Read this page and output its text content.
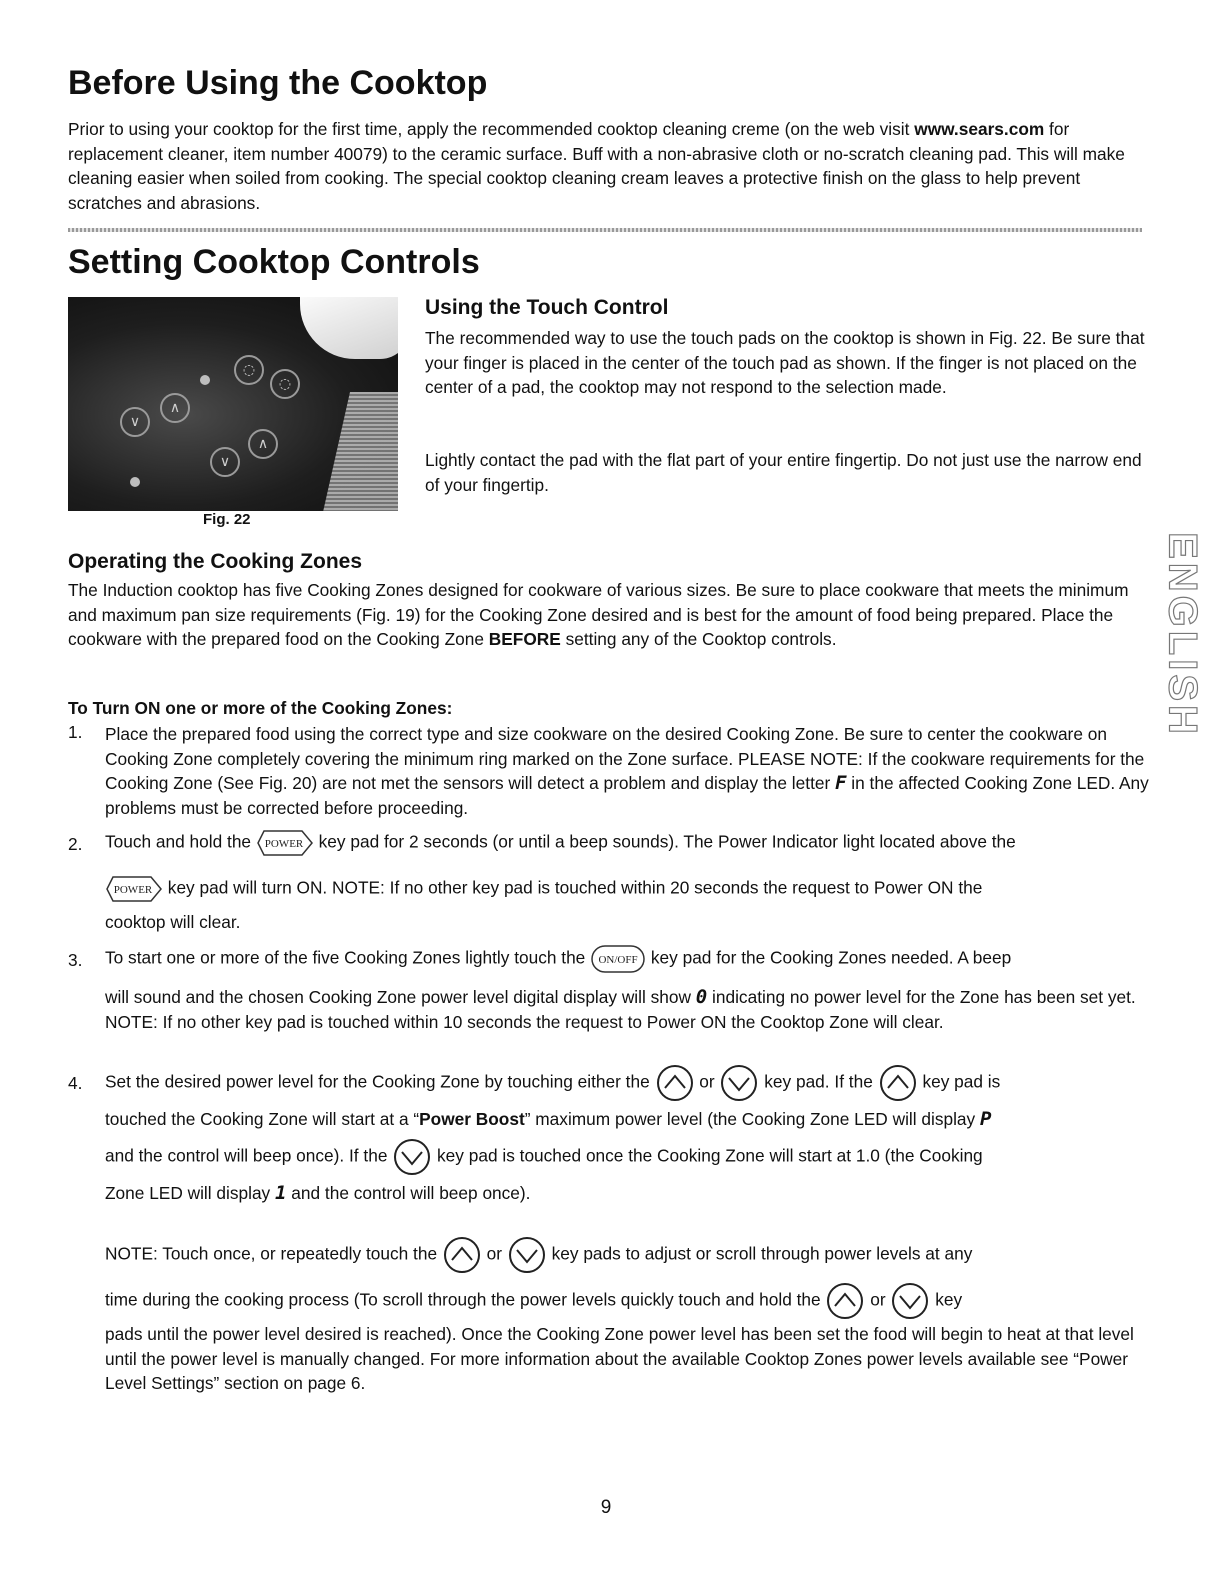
Before Using the Cooktop

Prior to using your cooktop for the first time, apply the recommended cooktop cleaning creme (on the web visit www.sears.com for replacement cleaner, item number 40079) to the ceramic surface. Buff with a non-abrasive cloth or no-scratch cleaning pad. This will make cleaning easier when soiled from cooking. The special cooktop cleaning cream leaves a protective finish on the glass to help prevent scratches and abrasions.

Setting Cooktop Controls
∨
∧
◌
∨
∧
◌
Fig. 22
Using the Touch Control

The recommended way to use the touch pads on the cooktop is shown in Fig. 22. Be sure that your finger is placed in the center of the touch pad as shown. If the finger is not placed on the center of a pad, the cooktop may not respond to the selection made.

Lightly contact the pad with the flat part of your entire fingertip. Do not just use the narrow end of your fingertip.

Operating the Cooking Zones

The Induction cooktop has five Cooking Zones designed for cookware of various sizes. Be sure to place cookware that meets the minimum and maximum pan size requirements (Fig. 19) for the Cooking Zone desired and is best for the amount of food being prepared. Place the cookware with the prepared food on the Cooking Zone BEFORE setting any of the Cooktop controls.	ENGLISH
To Turn ON one or more of the Cooking Zones:
1. Place the prepared food using the correct type and size cookware on the desired Cooking Zone. Be sure to center the cookware on Cooking Zone completely covering the minimum ring marked on the Zone surface. PLEASE NOTE: If the cookware requirements for the Cooking Zone (See Fig. 20) are not met the sensors will detect a problem and display the letter F in the affected Cooking Zone LED. Any problems must be corrected before proceeding.

2. Touch and hold the POWER key pad for 2 seconds (or until a beep sounds). The Power Indicator light located above the
POWER key pad will turn ON. NOTE: If no other key pad is touched within 20 seconds the request to Power ON the
cooktop will clear.
3. To start one or more of the five Cooking Zones lightly touch the ON/OFF key pad for the Cooking Zones needed. A beep

will sound and the chosen Cooking Zone power level digital display will show 0 indicating no power level for the Zone has been set yet. NOTE: If no other key pad is touched within 10 seconds the request to Power ON the Cooktop Zone will clear.

4. Set the desired power level for the Cooking Zone by touching either the
or
key pad. If the
key pad is
touched the Cooking Zone will start at a “Power Boost” maximum power level (the Cooking Zone LED will display P
and the control will beep once). If the
key pad is touched once the Cooking Zone will start at 1.0 (the Cooking
Zone LED will display 1 and the control will beep once).
NOTE: Touch once, or repeatedly touch the
or
key pads to adjust or scroll through power levels at any
time during the cooking process (To scroll through the power levels quickly touch and hold the
or
key

pads until the power level desired is reached). Once the Cooking Zone power level has been set the food will begin to heat at that level until the power level is manually changed. For more information about the available Cooktop Zones power levels available see “Power Level Settings” section on page 6.

9
